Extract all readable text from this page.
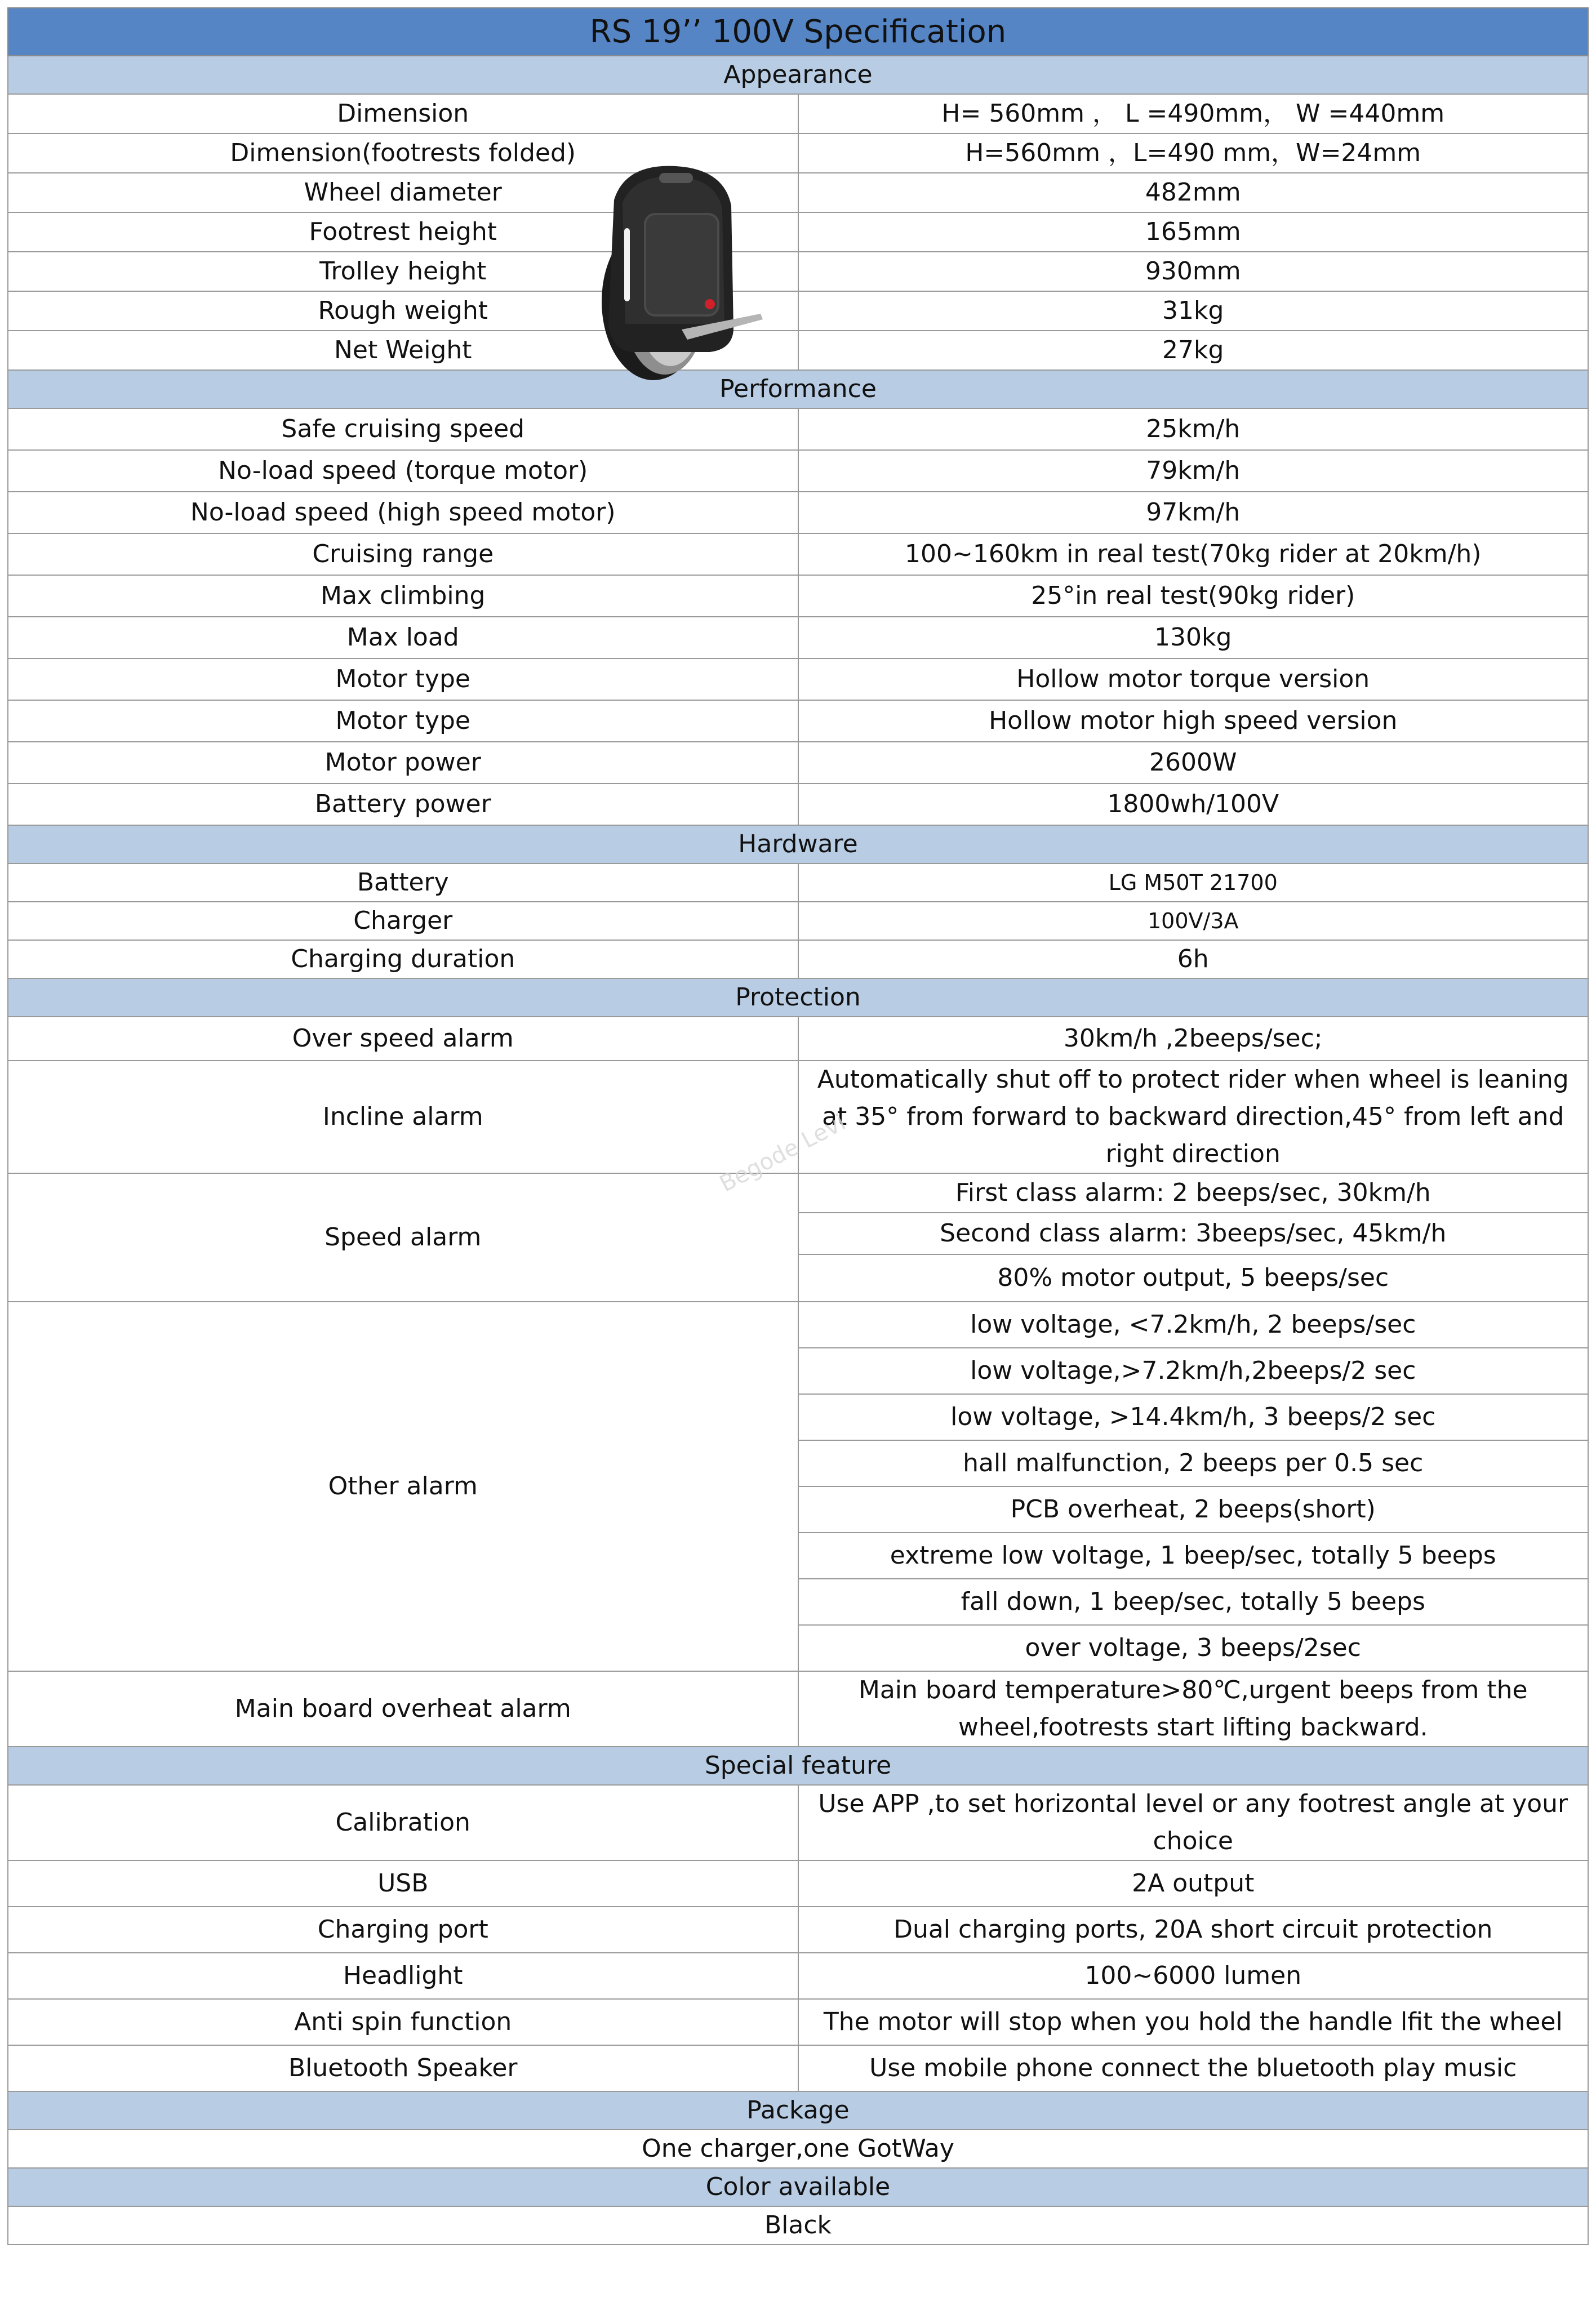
RS 19’’ 100V Specification	
Appearance	
Dimension	H= 560mm ， L =490mm， W =440mm
Dimension(footrests folded)	H=560mm ，L=490 mm，W=24mm
Wheel diameter	482mm
Footrest height	165mm
Trolley height	930mm
Rough weight	31kg
Net Weight	27kg
Performance	
Safe cruising speed	25km/h
No-load speed (torque motor)	79km/h
No-load speed (high speed motor)	97km/h
Cruising range	100~160km in real test(70kg rider at 20km/h)
Max climbing	25°in real test(90kg rider)
Max load	130kg
Motor type	Hollow motor torque version
Motor type	Hollow motor high speed version
Motor power	2600W
Battery power	1800wh/100V
Hardware	
Battery	LG M50T 21700
Charger	100V/3A
Charging duration	6h
Protection	
Over speed alarm	30km/h ,2beeps/sec;
Incline alarm	Automatically shut off to protect rider when wheel is leaning at 35° from forward to backward direction,45° from left and right direction
Speed alarm	First class alarm: 2 beeps/sec, 30km/h
	Second class alarm: 3beeps/sec, 45km/h
	80% motor output, 5 beeps/sec
Other alarm	low voltage, <7.2km/h, 2 beeps/sec
	low voltage,>7.2km/h,2beeps/2 sec
	low voltage, >14.4km/h, 3 beeps/2 sec
	hall malfunction, 2 beeps per 0.5 sec
	PCB overheat, 2 beeps(short)
	extreme low voltage, 1 beep/sec, totally 5 beeps
	fall down, 1 beep/sec, totally 5 beeps
	over voltage, 3 beeps/2sec
Main board overheat alarm	Main board temperature>80℃,urgent beeps from the wheel,footrests start lifting backward.
Special feature	
Calibration	Use APP ,to set horizontal level or any footrest angle at your choice
USB	2A output
Charging port	Dual charging ports, 20A short circuit protection
Headlight	100~6000 lumen
Anti spin function	The motor will stop when you hold the handle lfit the wheel
Bluetooth Speaker	Use mobile phone connect the bluetooth play music
Package	
One charger,one GotWay	
Color available	
Black	
Begode Levi
